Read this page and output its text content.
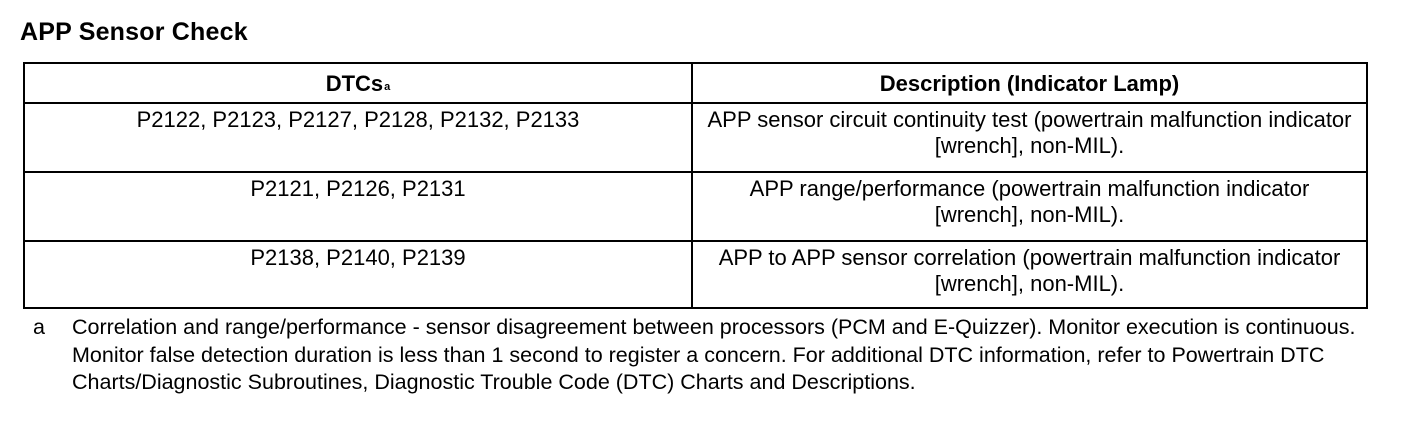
APP Sensor Check
DTCs$^a$	Description (Indicator Lamp)
P2122, P2123, P2127, P2128, P2132, P2133	APP sensor circuit continuity test (powertrain malfunction indicator [wrench], non-MIL).
P2121, P2126, P2131	APP range/performance (powertrain malfunction indicator [wrench], non-MIL).
P2138, P2140, P2139	APP to APP sensor correlation (powertrain malfunction indicator [wrench], non-MIL).
a Correlation and range/performance - sensor disagreement between processors (PCM and E-Quizzer). Monitor execution is continuous. Monitor false detection duration is less than 1 second to register a concern. For additional DTC information, refer to Powertrain DTC Charts/Diagnostic Subroutines, Diagnostic Trouble Code (DTC) Charts and Descriptions.
